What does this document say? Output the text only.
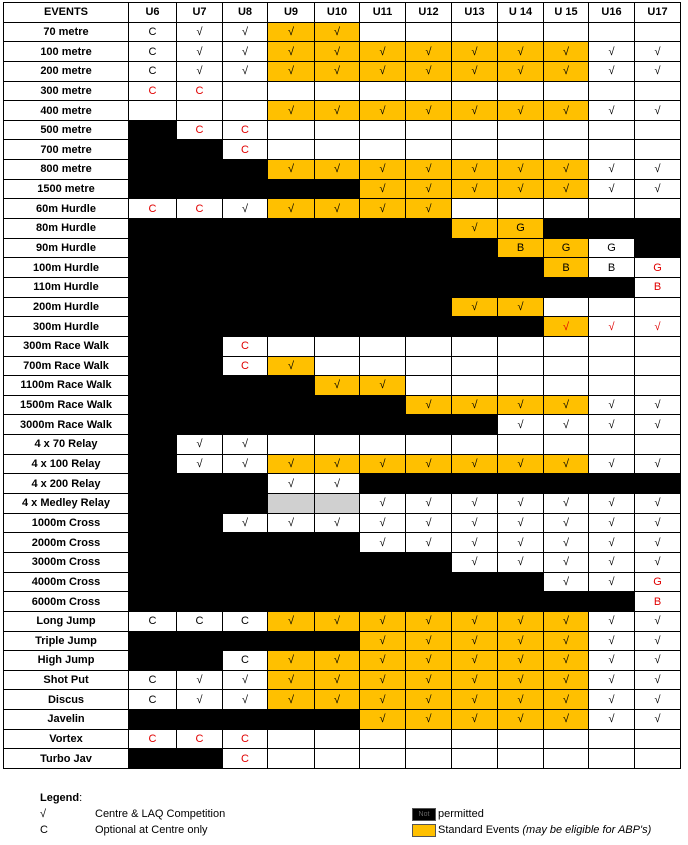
EVENTS	U6	U7	U8	U9	U10	U11	U12	U13	U 14	U 15	U16	U17
70 metre	C	√	√	√	√							
100 metre	C	√	√	√	√	√	√	√	√	√	√	√
200 metre	C	√	√	√	√	√	√	√	√	√	√	√
300 metre	C	C										
400 metre				√	√	√	√	√	√	√	√	√
500 metre		C	C									
700 metre			C									
800 metre				√	√	√	√	√	√	√	√	√
1500 metre						√	√	√	√	√	√	√
60m Hurdle	C	C	√	√	√	√	√					
80m Hurdle								√	G			
90m Hurdle									B	G	G	
100m Hurdle										B	B	G
110m Hurdle												B
200m Hurdle								√	√			
300m Hurdle										√	√	√
300m Race Walk			C									
700m Race Walk			C	√								
1100m Race Walk					√	√						
1500m Race Walk							√	√	√	√	√	√
3000m Race Walk									√	√	√	√
4 x 70 Relay		√	√									
4 x 100 Relay		√	√	√	√	√	√	√	√	√	√	√
4 x 200 Relay				√	√							
4 x Medley Relay						√	√	√	√	√	√	√
1000m Cross			√	√	√	√	√	√	√	√	√	√
2000m Cross						√	√	√	√	√	√	√
3000m Cross								√	√	√	√	√
4000m Cross										√	√	G
6000m Cross												B
Long Jump	C	C	C	√	√	√	√	√	√	√	√	√
Triple Jump						√	√	√	√	√	√	√
High Jump			C	√	√	√	√	√	√	√	√	√
Shot Put	C	√	√	√	√	√	√	√	√	√	√	√
Discus	C	√	√	√	√	√	√	√	√	√	√	√
Javelin						√	√	√	√	√	√	√
Vortex	C	C	C									
Turbo Jav			C									
Legend:
√	Centre & LAQ Competition
C	Optional at Centre only
Not permitted
Standard Events (may be eligible for ABP's)
